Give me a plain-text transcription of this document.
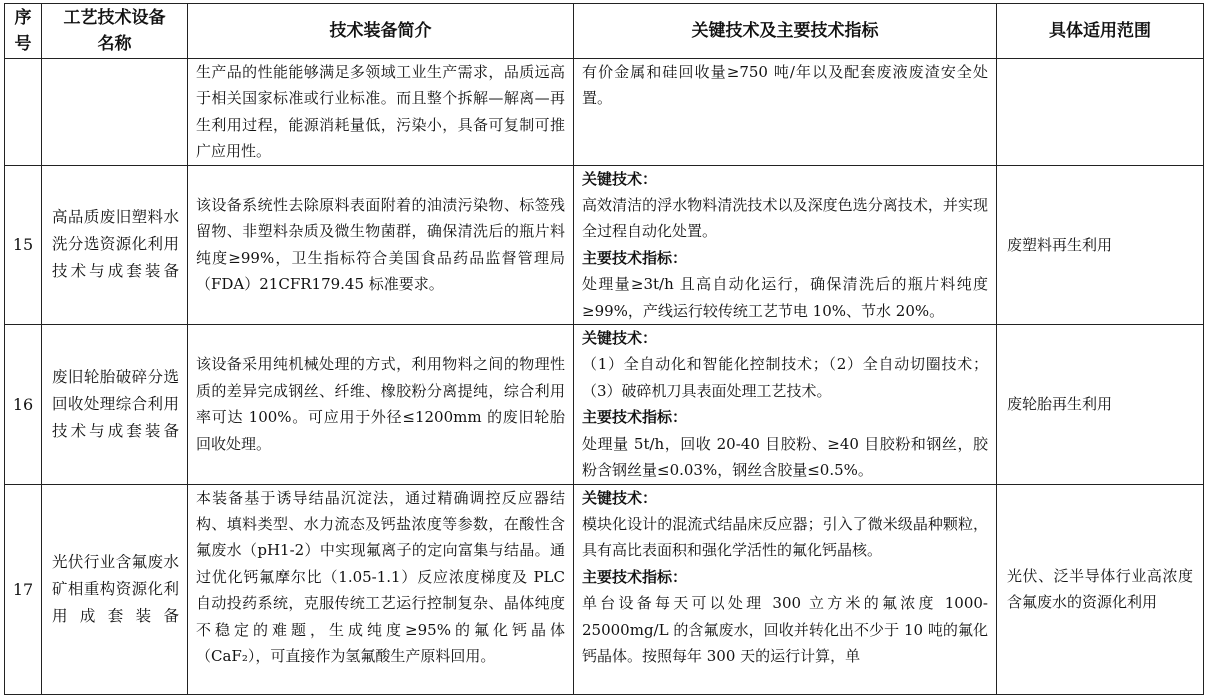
序号	工艺技术设备名称	技术装备简介	关键技术及主要技术指标	具体适用范围
		生产品的性能能够满足多领域工业生产需求，品质远高于相关国家标准或行业标准。而且整个拆解—解离—再生利用过程，能源消耗量低，污染小，具备可复制可推广应用性。	有价金属和硅回收量≥750 吨/年以及配套废液废渣安全处置。	
15	高品质废旧塑料水洗分选资源化利用技术与成套装备	该设备系统性去除原料表面附着的油渍污染物、标签残留物、非塑料杂质及微生物菌群，确保清洗后的瓶片料纯度≥99%，卫生指标符合美国食品药品监督管理局（FDA）21CFR179.45 标准要求。	关键技术：
高效清洁的浮水物料清洗技术以及深度色选分离技术，并实现全过程自动化处置。
主要技术指标：
处理量≥3t/h 且高自动化运行，确保清洗后的瓶片料纯度≥99%，产线运行较传统工艺节电 10%、节水 20%。	废塑料再生利用
16	废旧轮胎破碎分选回收处理综合利用技术与成套装备	该设备采用纯机械处理的方式，利用物料之间的物理性质的差异完成钢丝、纤维、橡胶粉分离提纯，综合利用率可达 100%。可应用于外径≤1200mm 的废旧轮胎回收处理。	关键技术：
（1）全自动化和智能化控制技术；（2）全自动切圈技术；（3）破碎机刀具表面处理工艺技术。
主要技术指标：
处理量 5t/h，回收 20-40 目胶粉、≥40 目胶粉和钢丝，胶粉含钢丝量≤0.03%，钢丝含胶量≤0.5%。	废轮胎再生利用
17	光伏行业含氟废水矿相重构资源化利用成套装备	本装备基于诱导结晶沉淀法，通过精确调控反应器结构、填料类型、水力流态及钙盐浓度等参数，在酸性含氟废水（pH1-2）中实现氟离子的定向富集与结晶。通过优化钙氟摩尔比（1.05-1.1）反应浓度梯度及 PLC 自动投药系统，克服传统工艺运行控制复杂、晶体纯度不稳定的难题，生成纯度≥95%的氟化钙晶体（CaF₂），可直接作为氢氟酸生产原料回用。	关键技术：
模块化设计的混流式结晶床反应器；引入了微米级晶种颗粒，具有高比表面积和强化学活性的氟化钙晶核。
主要技术指标：
单台设备每天可以处理 300 立方米的氟浓度 1000-25000mg/L 的含氟废水，回收并转化出不少于 10 吨的氟化钙晶体。按照每年 300 天的运行计算，单	光伏、泛半导体行业高浓度含氟废水的资源化利用
